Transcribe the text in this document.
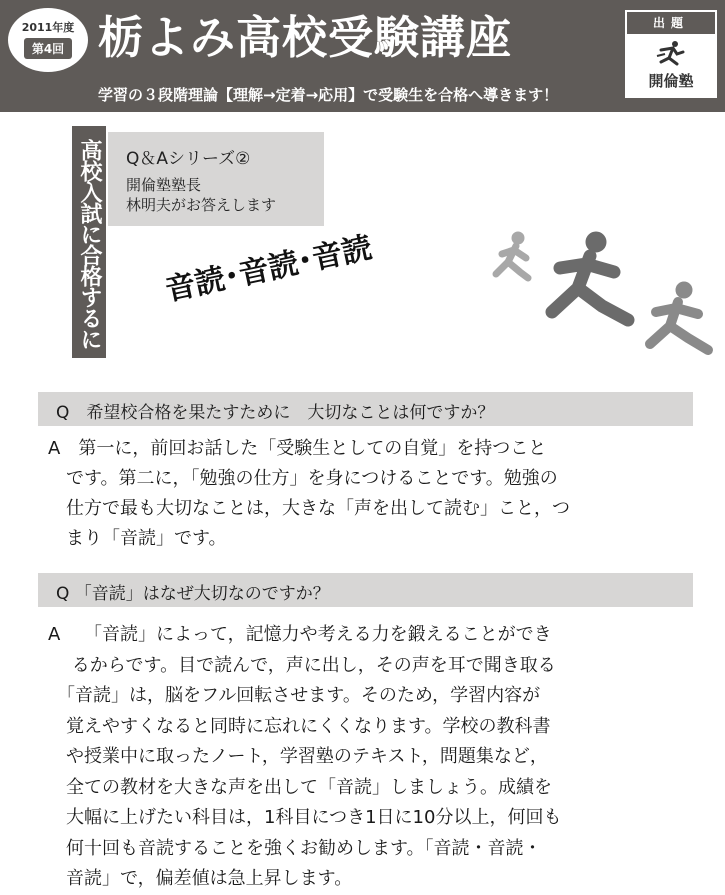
2011年度
第4回 栃よみ高校受験講座
学習の３段階理論【理解→定着→応用】で受験生を合格へ導きます！
出題
開倫塾
高校入試に合格するには
Q＆Aシリーズ②
開倫塾塾長
林明夫がお答えします
音読･音読･音読
Q　希望校合格を果たすために　大切なことは何ですか？
A　第一に，前回お話した「受験生としての自覚」を持つこと
　です。第二に，「勉強の仕方」を身につけることです。勉強の
　仕方で最も大切なことは，大きな「声を出して読む」こと，つ
　まり「音読」です。
Q 「音読」はなぜ大切なのですか？
A　 「音読」によって，記憶力や考える力を鍛えることができ
　 るからです。目で読んで，声に出し，その声を耳で聞き取る
　「音読」は，脳をフル回転させます。そのため，学習内容が
　覚えやすくなると同時に忘れにくくなります。学校の教科書
　や授業中に取ったノート，学習塾のテキスト，問題集など，
　全ての教材を大きな声を出して「音読」しましょう。成績を
　大幅に上げたい科目は，1科目につき1日に10分以上，何回も
　何十回も音読することを強くお勧めします。「音読・音読・
　音読」で，偏差値は急上昇します。
